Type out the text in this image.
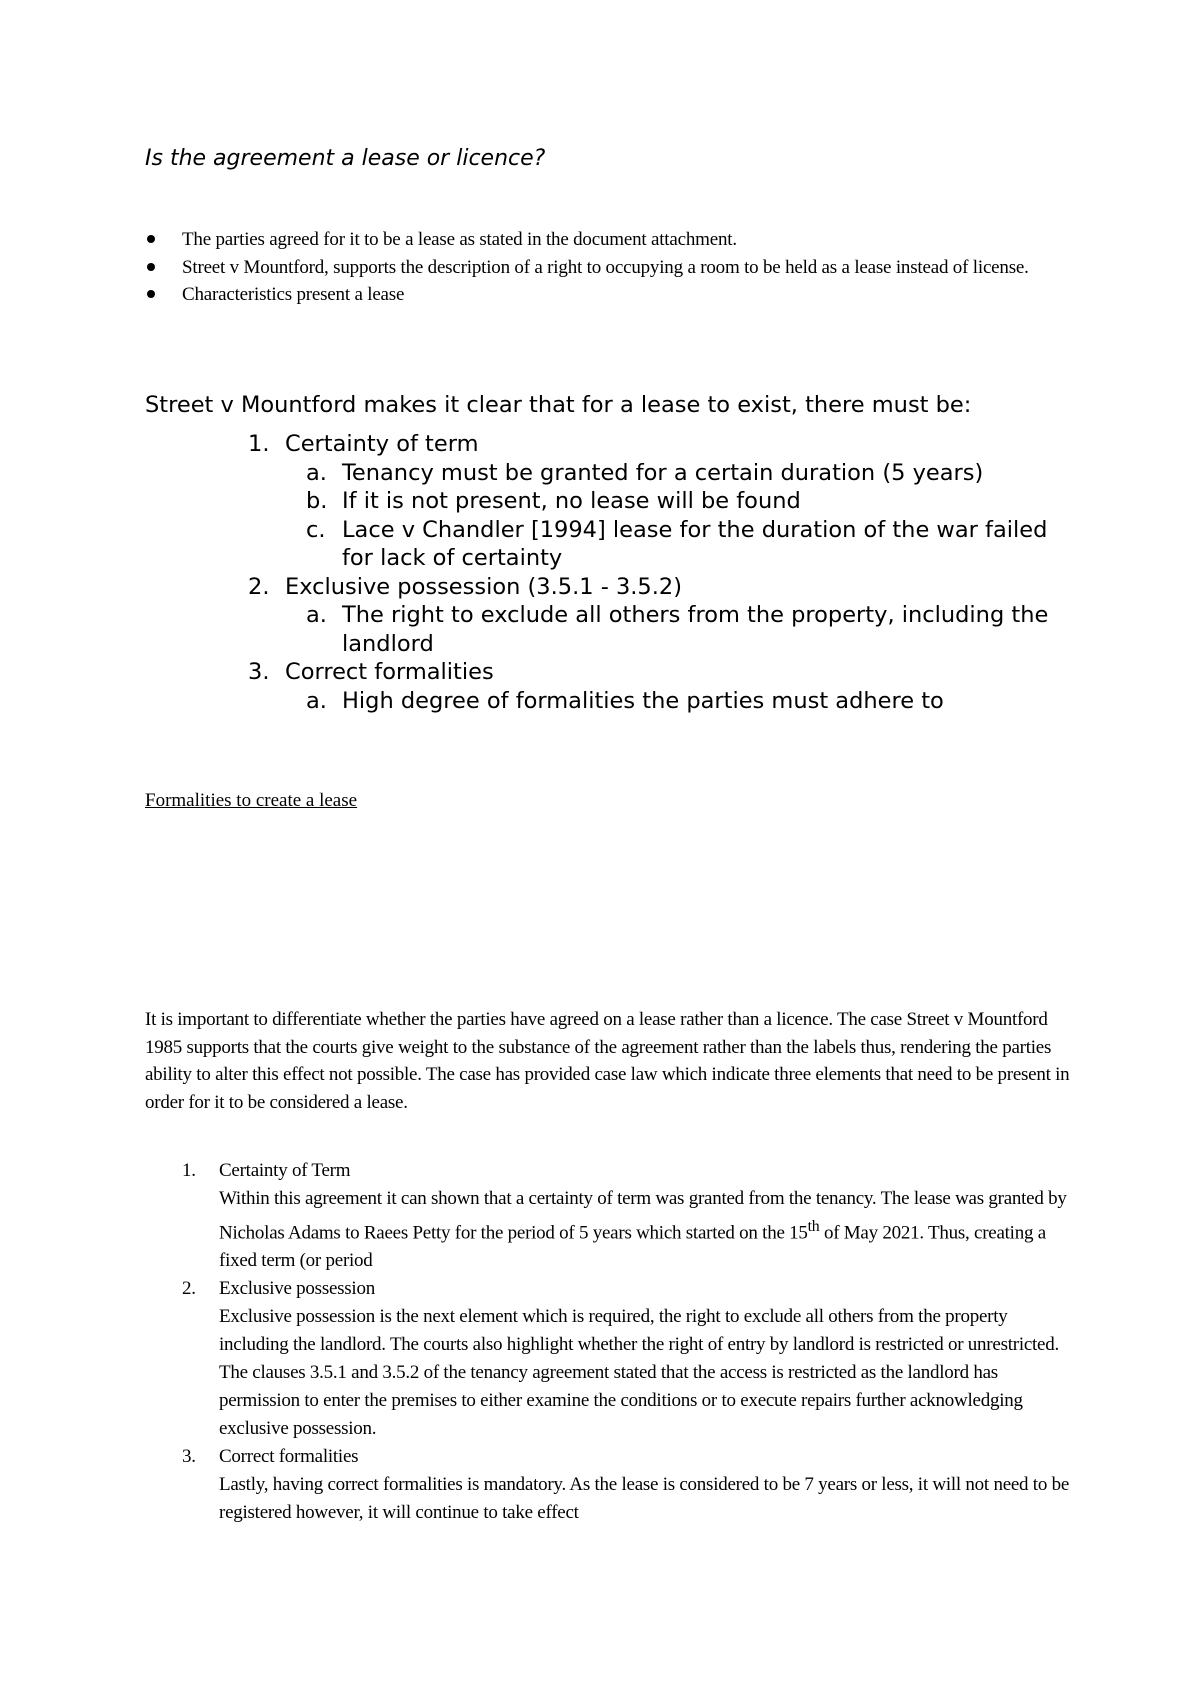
Is the agreement a lease or licence?
The parties agreed for it to be a lease as stated in the document attachment.
Street v Mountford, supports the description of a right to occupying a room to be held as a lease instead of license.
Characteristics present a lease

Street v Mountford makes it clear that for a lease to exist, there must be:

1. Certainty of term
a. Tenancy must be granted for a certain duration (5 years)
b. If it is not present, no lease will be found
c. Lace v Chandler [1994] lease for the duration of the war failed for lack of certainty
2. Exclusive possession (3.5.1 - 3.5.2)
a. The right to exclude all others from the property, including the landlord
3. Correct formalities
a. High degree of formalities the parties must adhere to

Formalities to create a lease

It is important to differentiate whether the parties have agreed on a lease rather than a licence. The case Street v Mountford 1985 supports that the courts give weight to the substance of the agreement rather than the labels thus, rendering the parties ability to alter this effect not possible. The case has provided case law which indicate three elements that need to be present in order for it to be considered a lease.

1. Certainty of Term
Within this agreement it can shown that a certainty of term was granted from the tenancy. The lease was granted by Nicholas Adams to Raees Petty for the period of 5 years which started on the 15th of May 2021. Thus, creating a fixed term (or period
2. Exclusive possession
Exclusive possession is the next element which is required, the right to exclude all others from the property including the landlord. The courts also highlight whether the right of entry by landlord is restricted or unrestricted. The clauses 3.5.1 and 3.5.2 of the tenancy agreement stated that the access is restricted as the landlord has permission to enter the premises to either examine the conditions or to execute repairs further acknowledging exclusive possession.
3. Correct formalities
Lastly, having correct formalities is mandatory. As the lease is considered to be 7 years or less, it will not need to be registered however, it will continue to take effect
